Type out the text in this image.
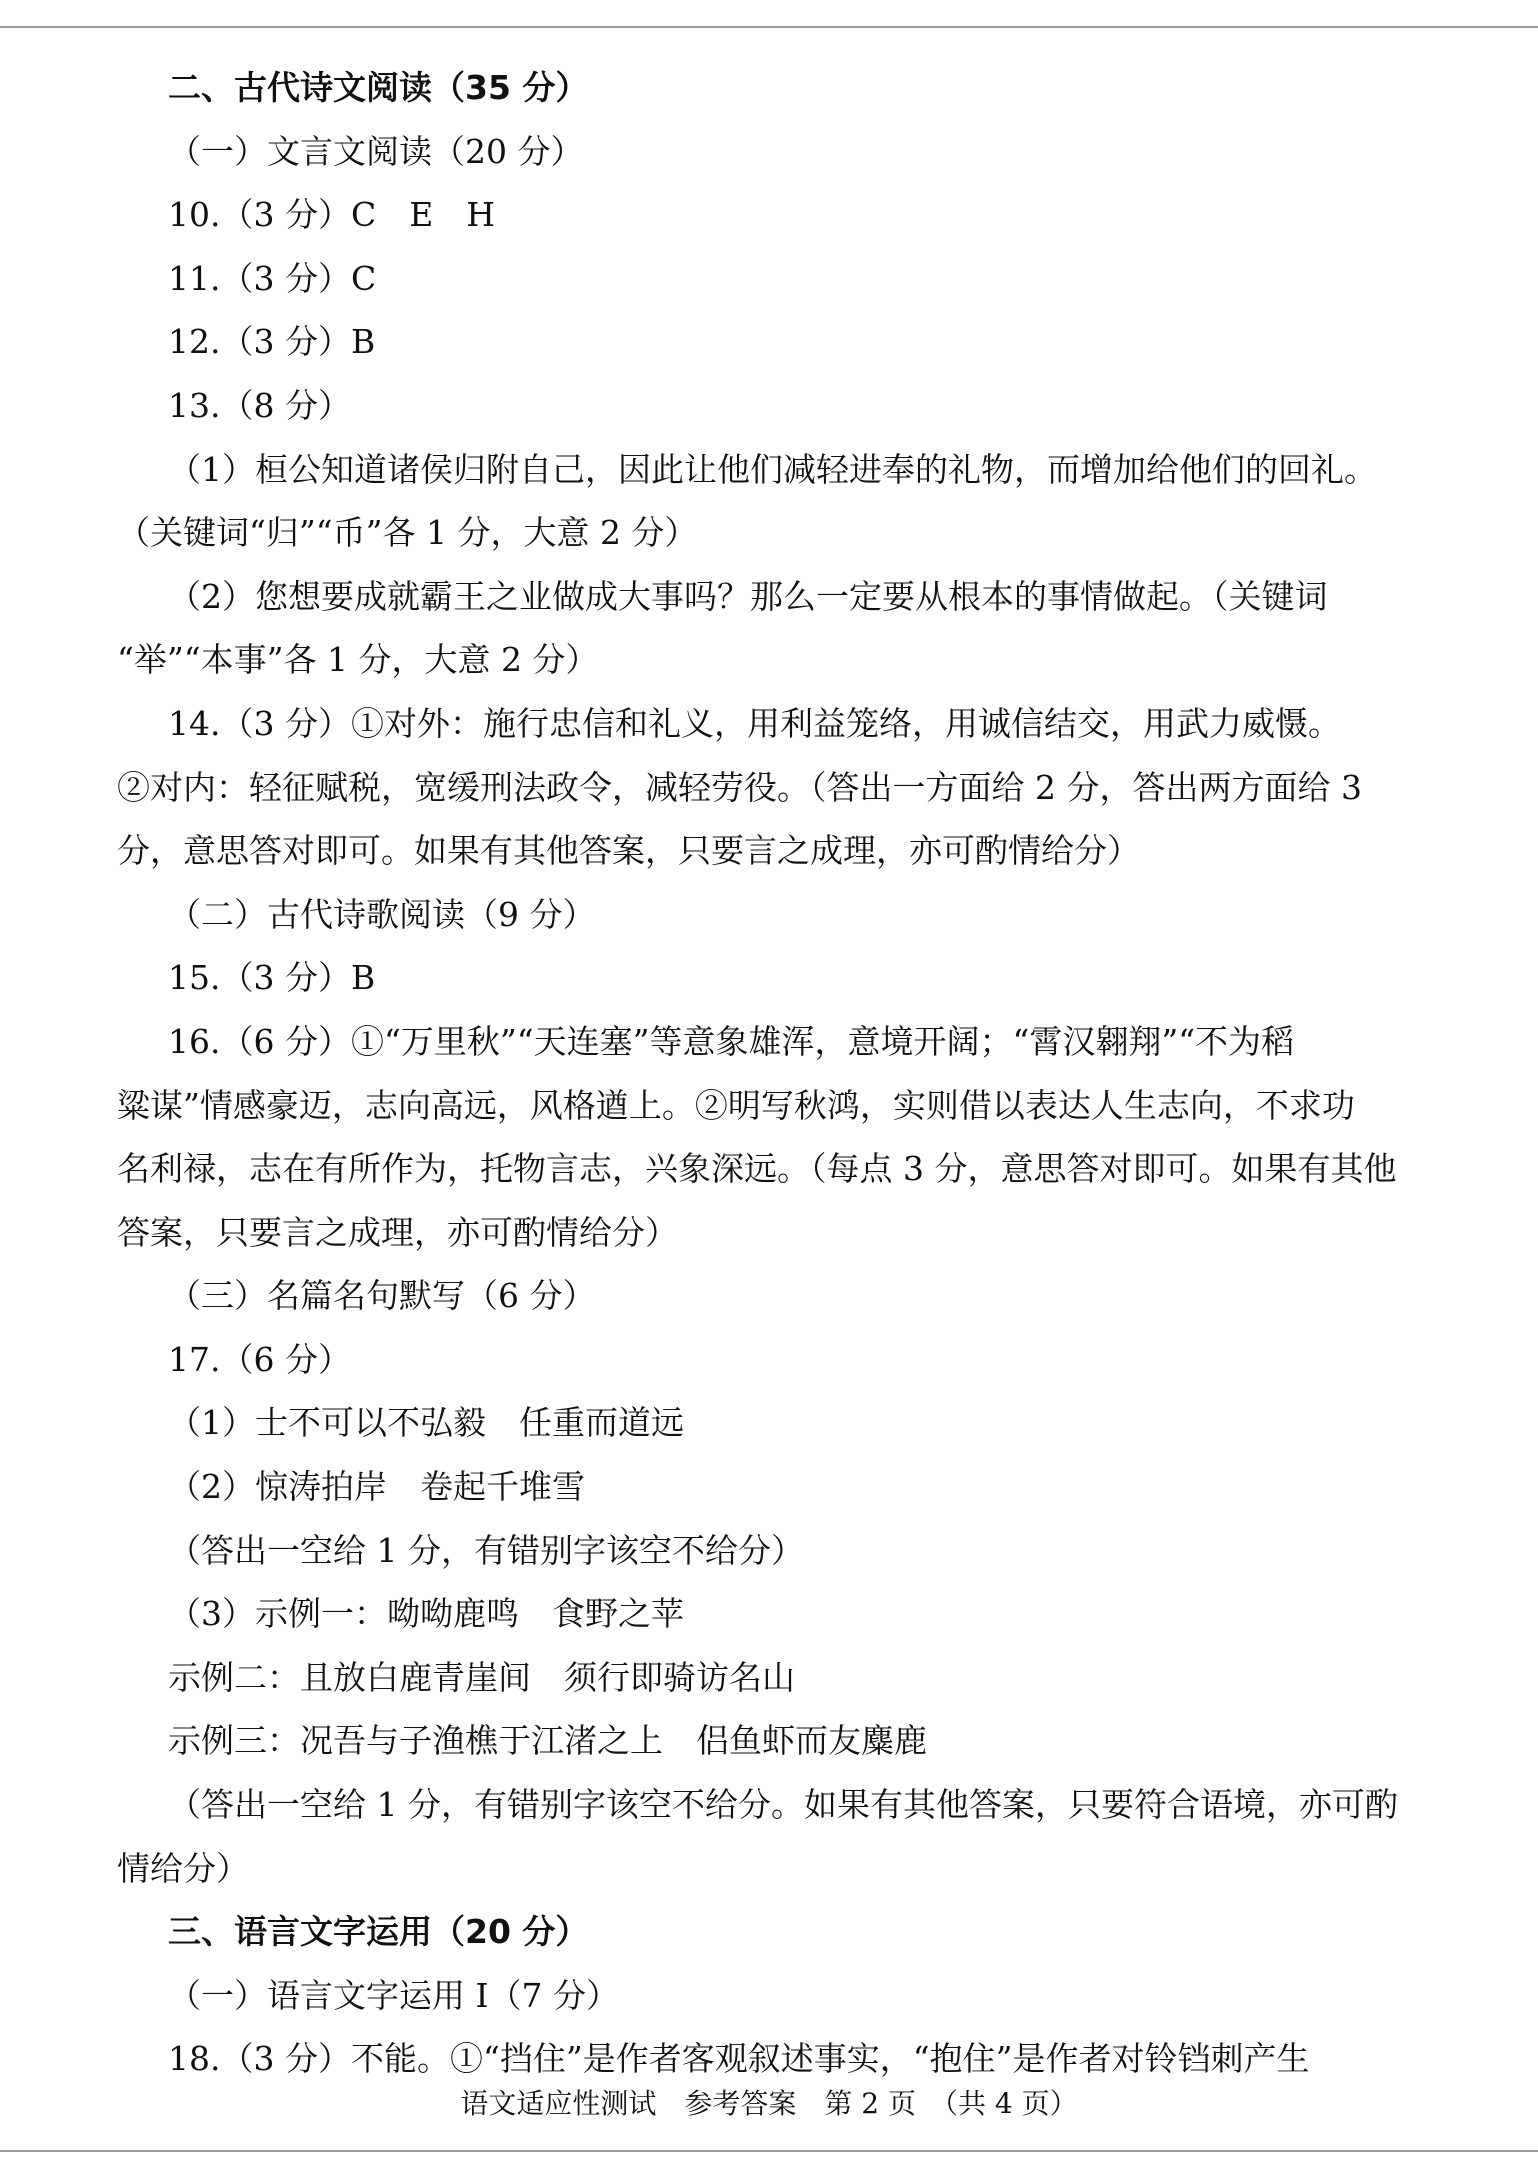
二、古代诗文阅读（35 分）
（一）文言文阅读（20 分）
10.（3 分）C　E　H
11.（3 分）C
12.（3 分）B
13.（8 分）
（1）桓公知道诸侯归附自己，因此让他们减轻进奉的礼物，而增加给他们的回礼。
（关键词“归”“币”各 1 分，大意 2 分）
（2）您想要成就霸王之业做成大事吗？那么一定要从根本的事情做起。（关键词
“举”“本事”各 1 分，大意 2 分）
14.（3 分）①对外：施行忠信和礼义，用利益笼络，用诚信结交，用武力威慑。
②对内：轻征赋税，宽缓刑法政令，减轻劳役。（答出一方面给 2 分，答出两方面给 3
分，意思答对即可。如果有其他答案，只要言之成理，亦可酌情给分）
（二）古代诗歌阅读（9 分）
15.（3 分）B
16.（6 分）①“万里秋”“天连塞”等意象雄浑，意境开阔；“霄汉翱翔”“不为稻
粱谋”情感豪迈，志向高远，风格遒上。②明写秋鸿，实则借以表达人生志向，不求功
名利禄，志在有所作为，托物言志，兴象深远。（每点 3 分，意思答对即可。如果有其他
答案，只要言之成理，亦可酌情给分）
（三）名篇名句默写（6 分）
17.（6 分）
（1）士不可以不弘毅　任重而道远
（2）惊涛拍岸　卷起千堆雪
（答出一空给 1 分，有错别字该空不给分）
（3）示例一：呦呦鹿鸣　食野之苹
示例二：且放白鹿青崖间　须行即骑访名山
示例三：况吾与子渔樵于江渚之上　侣鱼虾而友麋鹿
（答出一空给 1 分，有错别字该空不给分。如果有其他答案，只要符合语境，亦可酌
情给分）
三、语言文字运用（20 分）
（一）语言文字运用 Ⅰ（7 分）
18.（3 分）不能。①“挡住”是作者客观叙述事实，“抱住”是作者对铃铛刺产生
语文适应性测试　参考答案　第 2 页　（共 4 页）
